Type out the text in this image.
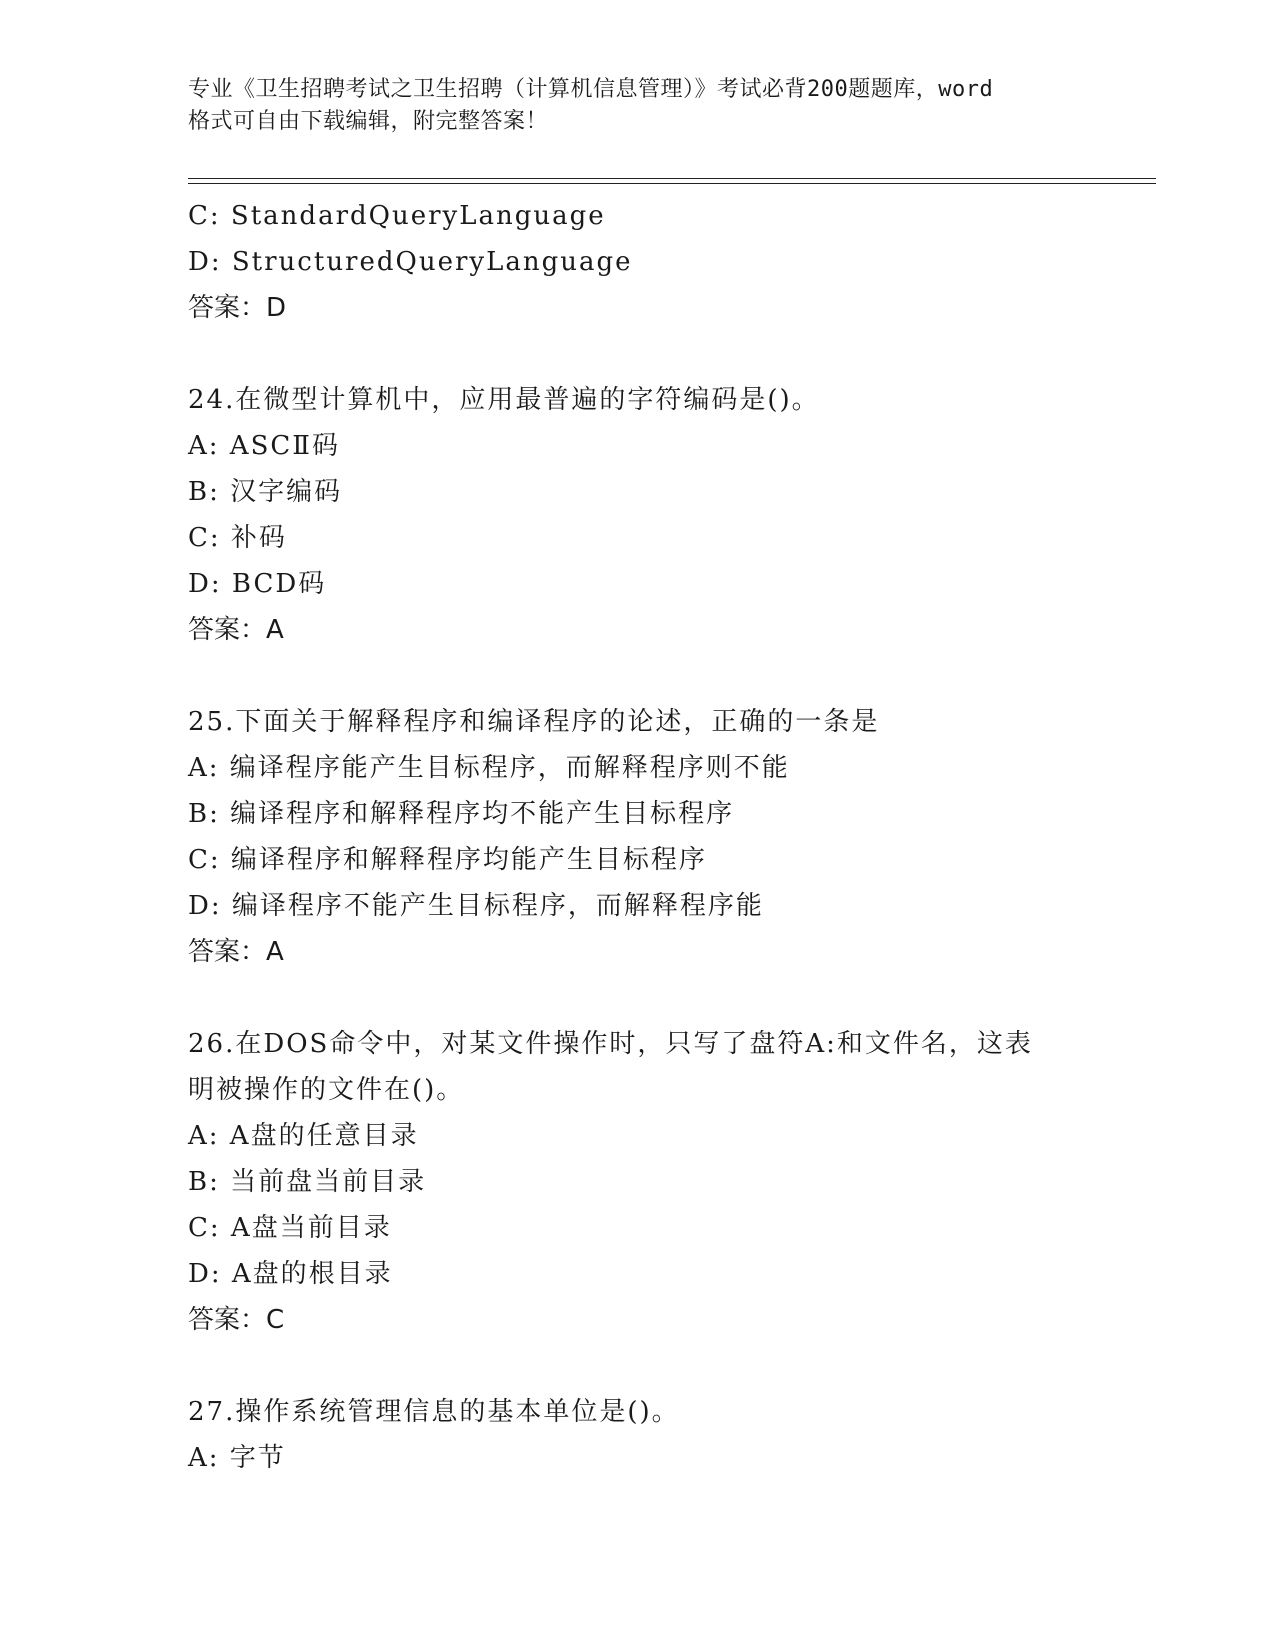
专业《卫生招聘考试之卫生招聘（计算机信息管理）》考试必背200题题库，word
格式可自由下载编辑，附完整答案！
C: StandardQueryLanguage
D: StructuredQueryLanguage
答案：D
24.在微型计算机中，应用最普遍的字符编码是()。
A: ASCⅡ码
B: 汉字编码
C: 补码
D: BCD码
答案：A
25.下面关于解释程序和编译程序的论述，正确的一条是
A: 编译程序能产生目标程序，而解释程序则不能
B: 编译程序和解释程序均不能产生目标程序
C: 编译程序和解释程序均能产生目标程序
D: 编译程序不能产生目标程序，而解释程序能
答案：A
26.在DOS命令中，对某文件操作时，只写了盘符A:和文件名，这表
明被操作的文件在()。
A: A盘的任意目录
B: 当前盘当前目录
C: A盘当前目录
D: A盘的根目录
答案：C
27.操作系统管理信息的基本单位是()。
A: 字节
